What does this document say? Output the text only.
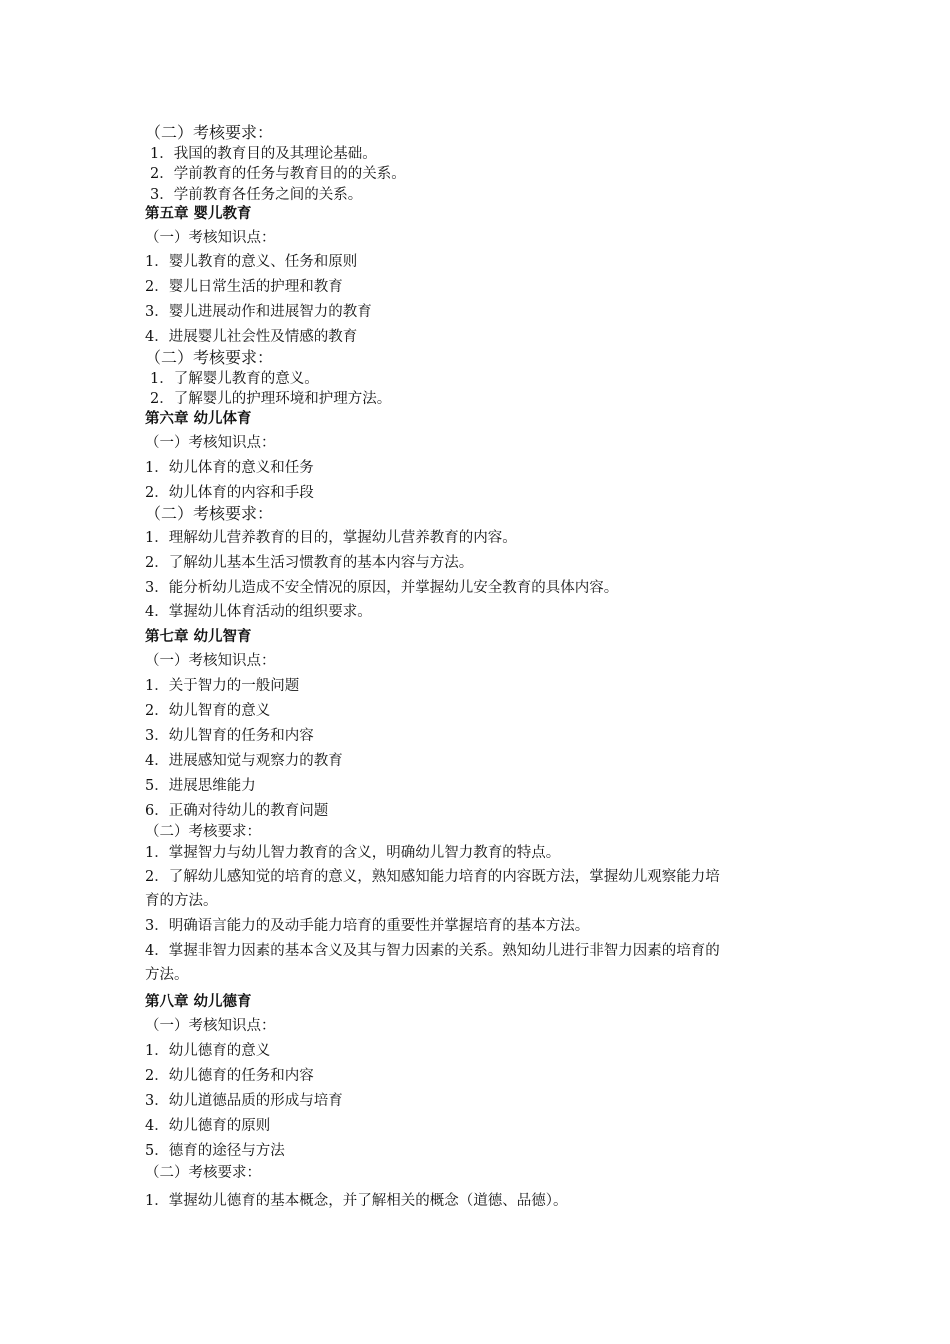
（二）考核要求：
1．我国的教育目的及其理论基础。
2．学前教育的任务与教育目的的关系。
3．学前教育各任务之间的关系。
第五章 婴儿教育
（一）考核知识点：
1．婴儿教育的意义、任务和原则
2．婴儿日常生活的护理和教育
3．婴儿进展动作和进展智力的教育
4．进展婴儿社会性及情感的教育
（二）考核要求：
1．了解婴儿教育的意义。
2．了解婴儿的护理环境和护理方法。
第六章 幼儿体育
（一）考核知识点：
1．幼儿体育的意义和任务
2．幼儿体育的内容和手段
（二）考核要求：
1．理解幼儿营养教育的目的，掌握幼儿营养教育的内容。
2．了解幼儿基本生活习惯教育的基本内容与方法。
3．能分析幼儿造成不安全情况的原因，并掌握幼儿安全教育的具体内容。
4．掌握幼儿体育活动的组织要求。
第七章 幼儿智育
（一）考核知识点：
1．关于智力的一般问题
2．幼儿智育的意义
3．幼儿智育的任务和内容
4．进展感知觉与观察力的教育
5．进展思维能力
6．正确对待幼儿的教育问题
（二）考核要求：
1．掌握智力与幼儿智力教育的含义，明确幼儿智力教育的特点。
2．了解幼儿感知觉的培育的意义，熟知感知能力培育的内容既方法，掌握幼儿观察能力培
育的方法。
3．明确语言能力的及动手能力培育的重要性并掌握培育的基本方法。
4．掌握非智力因素的基本含义及其与智力因素的关系。熟知幼儿进行非智力因素的培育的
方法。
第八章 幼儿德育
（一）考核知识点：
1．幼儿德育的意义
2．幼儿德育的任务和内容
3．幼儿道德品质的形成与培育
4．幼儿德育的原则
5．德育的途径与方法
（二）考核要求：
1．掌握幼儿德育的基本概念，并了解相关的概念（道德、品德）。
